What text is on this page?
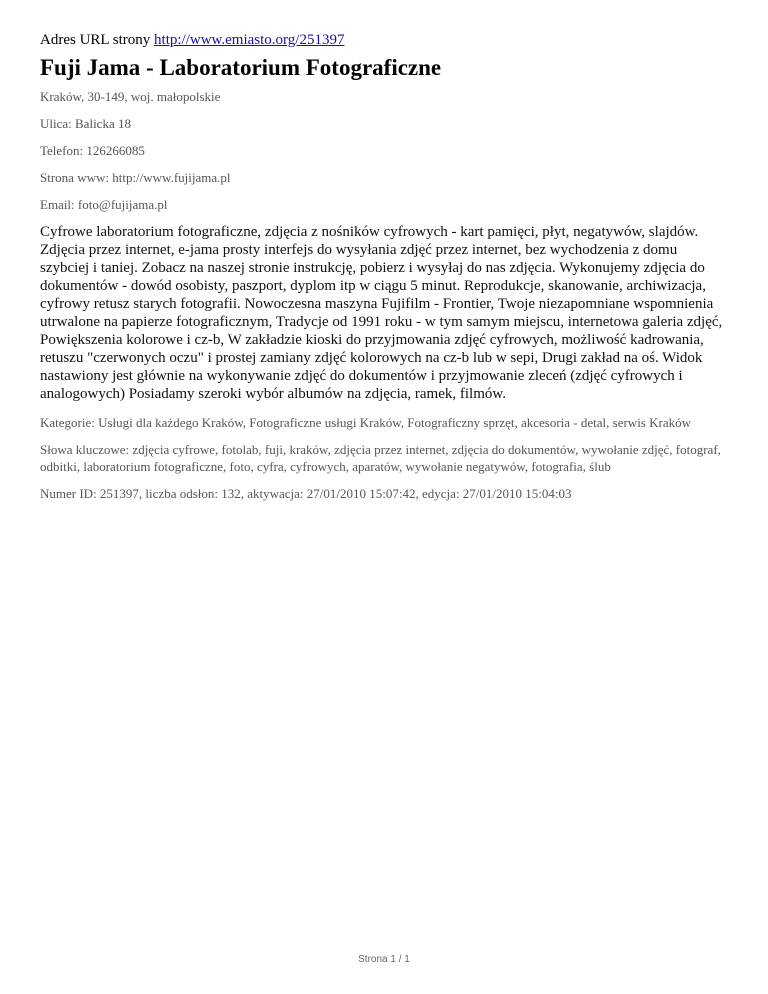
Adres URL strony http://www.emiasto.org/251397

Fuji Jama - Laboratorium Fotograficzne

Kraków, 30-149, woj. małopolskie

Ulica: Balicka 18

Telefon: 126266085

Strona www: http://www.fujijama.pl

Email: foto@fujijama.pl

Cyfrowe laboratorium fotograficzne, zdjęcia z nośników cyfrowych - kart pamięci, płyt, negatywów, slajdów. Zdjęcia przez internet, e-jama prosty interfejs do wysyłania zdjęć przez internet, bez wychodzenia z domu szybciej i taniej. Zobacz na naszej stronie instrukcję, pobierz i wysyłaj do nas zdjęcia. Wykonujemy zdjęcia do dokumentów - dowód osobisty, paszport, dyplom itp w ciągu 5 minut. Reprodukcje, skanowanie, archiwizacja, cyfrowy retusz starych fotografii. Nowoczesna maszyna Fujifilm - Frontier, Twoje niezapomniane wspomnienia utrwalone na papierze fotograficznym, Tradycje od 1991 roku - w tym samym miejscu, internetowa galeria zdjęć, Powiększenia kolorowe i cz-b, W zakładzie kioski do przyjmowania zdjęć cyfrowych, możliwość kadrowania, retuszu "czerwonych oczu" i prostej zamiany zdjęć kolorowych na cz-b lub w sepi, Drugi zakład na oś. Widok nastawiony jest głównie na wykonywanie zdjęć do dokumentów i przyjmowanie zleceń (zdjęć cyfrowych i analogowych) Posiadamy szeroki wybór albumów na zdjęcia, ramek, filmów.

Kategorie: Usługi dla każdego Kraków, Fotograficzne usługi Kraków, Fotograficzny sprzęt, akcesoria - detal, serwis Kraków

Słowa kluczowe: zdjęcia cyfrowe, fotolab, fuji, kraków, zdjęcia przez internet, zdjęcia do dokumentów, wywołanie zdjęć, fotograf, odbitki, laboratorium fotograficzne, foto, cyfra, cyfrowych, aparatów, wywołanie negatywów, fotografia, ślub

Numer ID: 251397, liczba odsłon: 132, aktywacja: 27/01/2010 15:07:42, edycja: 27/01/2010 15:04:03

Strona 1 / 1
